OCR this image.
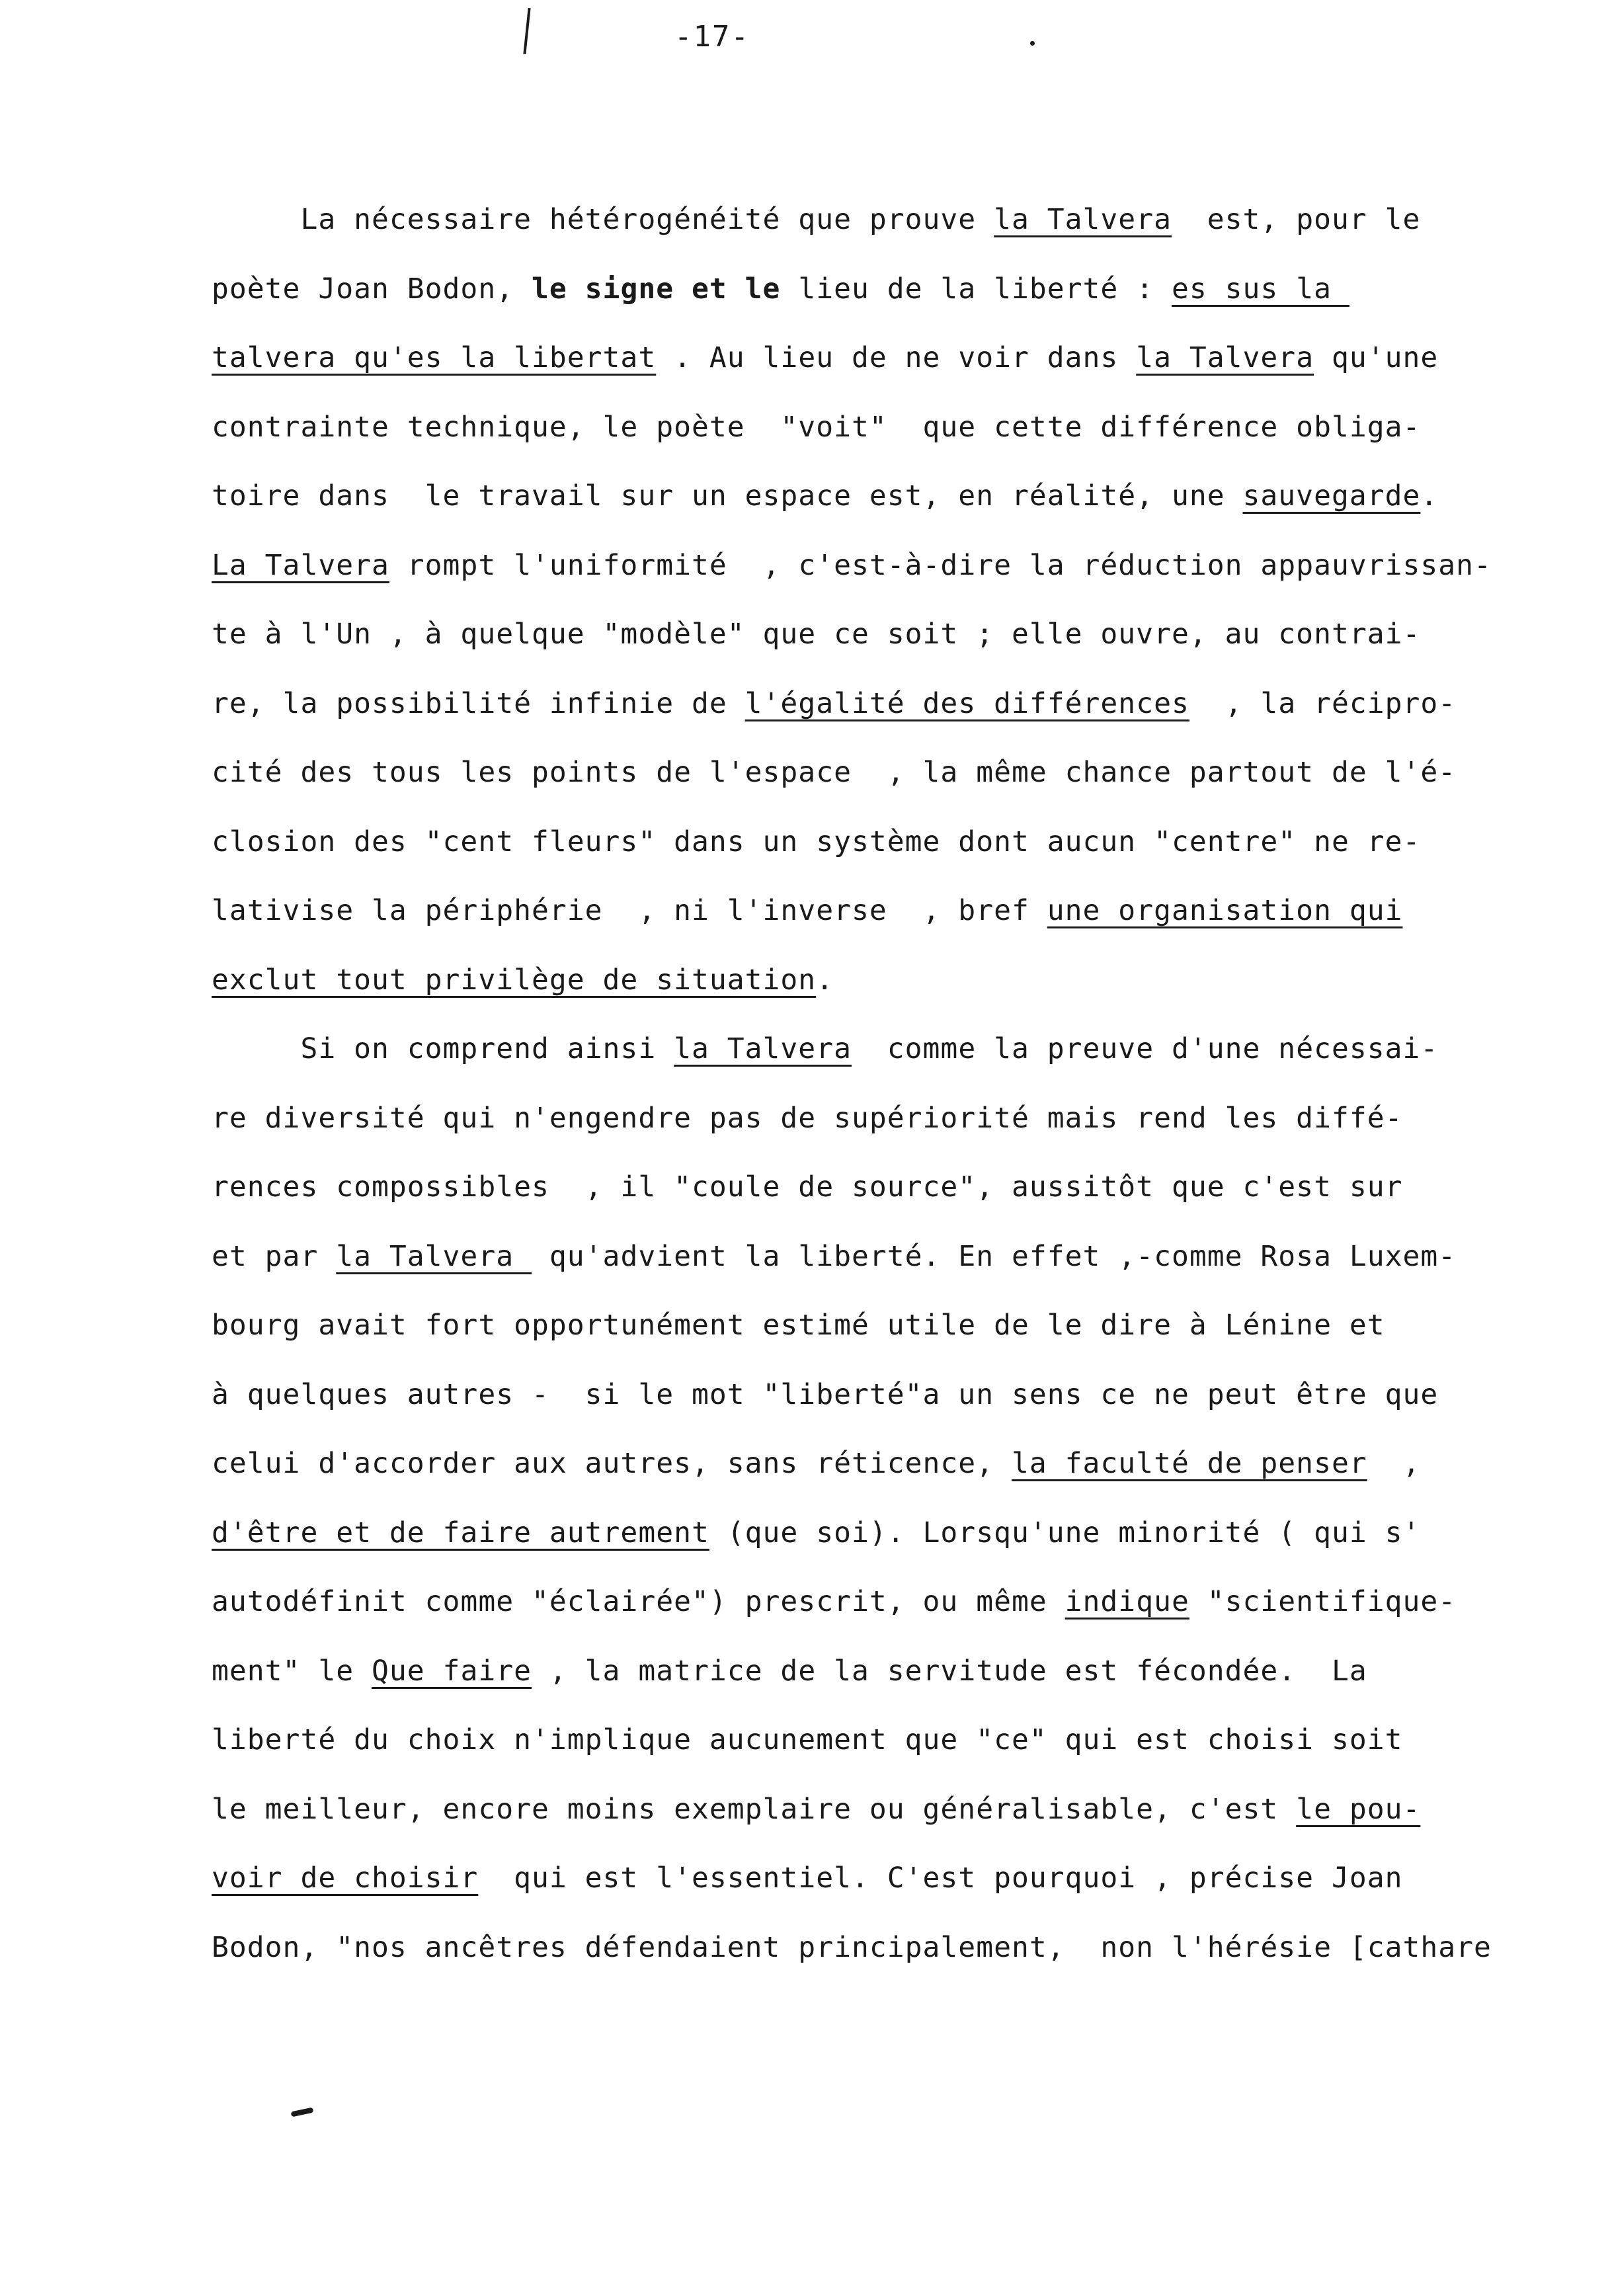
-17-
La nécessaire hétérogénéité que prouve la Talvera  est, pour le
poète Joan Bodon, le signe et le lieu de la liberté : es sus la
talvera qu'es la libertat . Au lieu de ne voir dans la Talvera qu'une
contrainte technique, le poète  "voit"  que cette différence obliga-
toire dans  le travail sur un espace est, en réalité, une sauvegarde.
La Talvera rompt l'uniformité  , c'est-à-dire la réduction appauvrissan-
te à l'Un , à quelque "modèle" que ce soit ; elle ouvre, au contrai-
re, la possibilité infinie de l'égalité des différences  , la récipro-
cité des tous les points de l'espace  , la même chance partout de l'é-
closion des "cent fleurs" dans un système dont aucun "centre" ne re-
lativise la périphérie  , ni l'inverse  , bref une organisation qui
exclut tout privilège de situation.
Si on comprend ainsi la Talvera  comme la preuve d'une nécessai-
re diversité qui n'engendre pas de supériorité mais rend les diffé-
rences compossibles  , il "coule de source", aussitôt que c'est sur
et par la Talvera  qu'advient la liberté. En effet ,-comme Rosa Luxem-
bourg avait fort opportunément estimé utile de le dire à Lénine et
à quelques autres -  si le mot "liberté"a un sens ce ne peut être que
celui d'accorder aux autres, sans réticence, la faculté de penser  ,
d'être et de faire autrement (que soi). Lorsqu'une minorité ( qui s'
autodéfinit comme "éclairée") prescrit, ou même indique "scientifique-
ment" le Que faire , la matrice de la servitude est fécondée.  La
liberté du choix n'implique aucunement que "ce" qui est choisi soit
le meilleur, encore moins exemplaire ou généralisable, c'est le pou-
voir de choisir  qui est l'essentiel. C'est pourquoi , précise Joan
Bodon, "nos ancêtres défendaient principalement,  non l'hérésie [cathare
